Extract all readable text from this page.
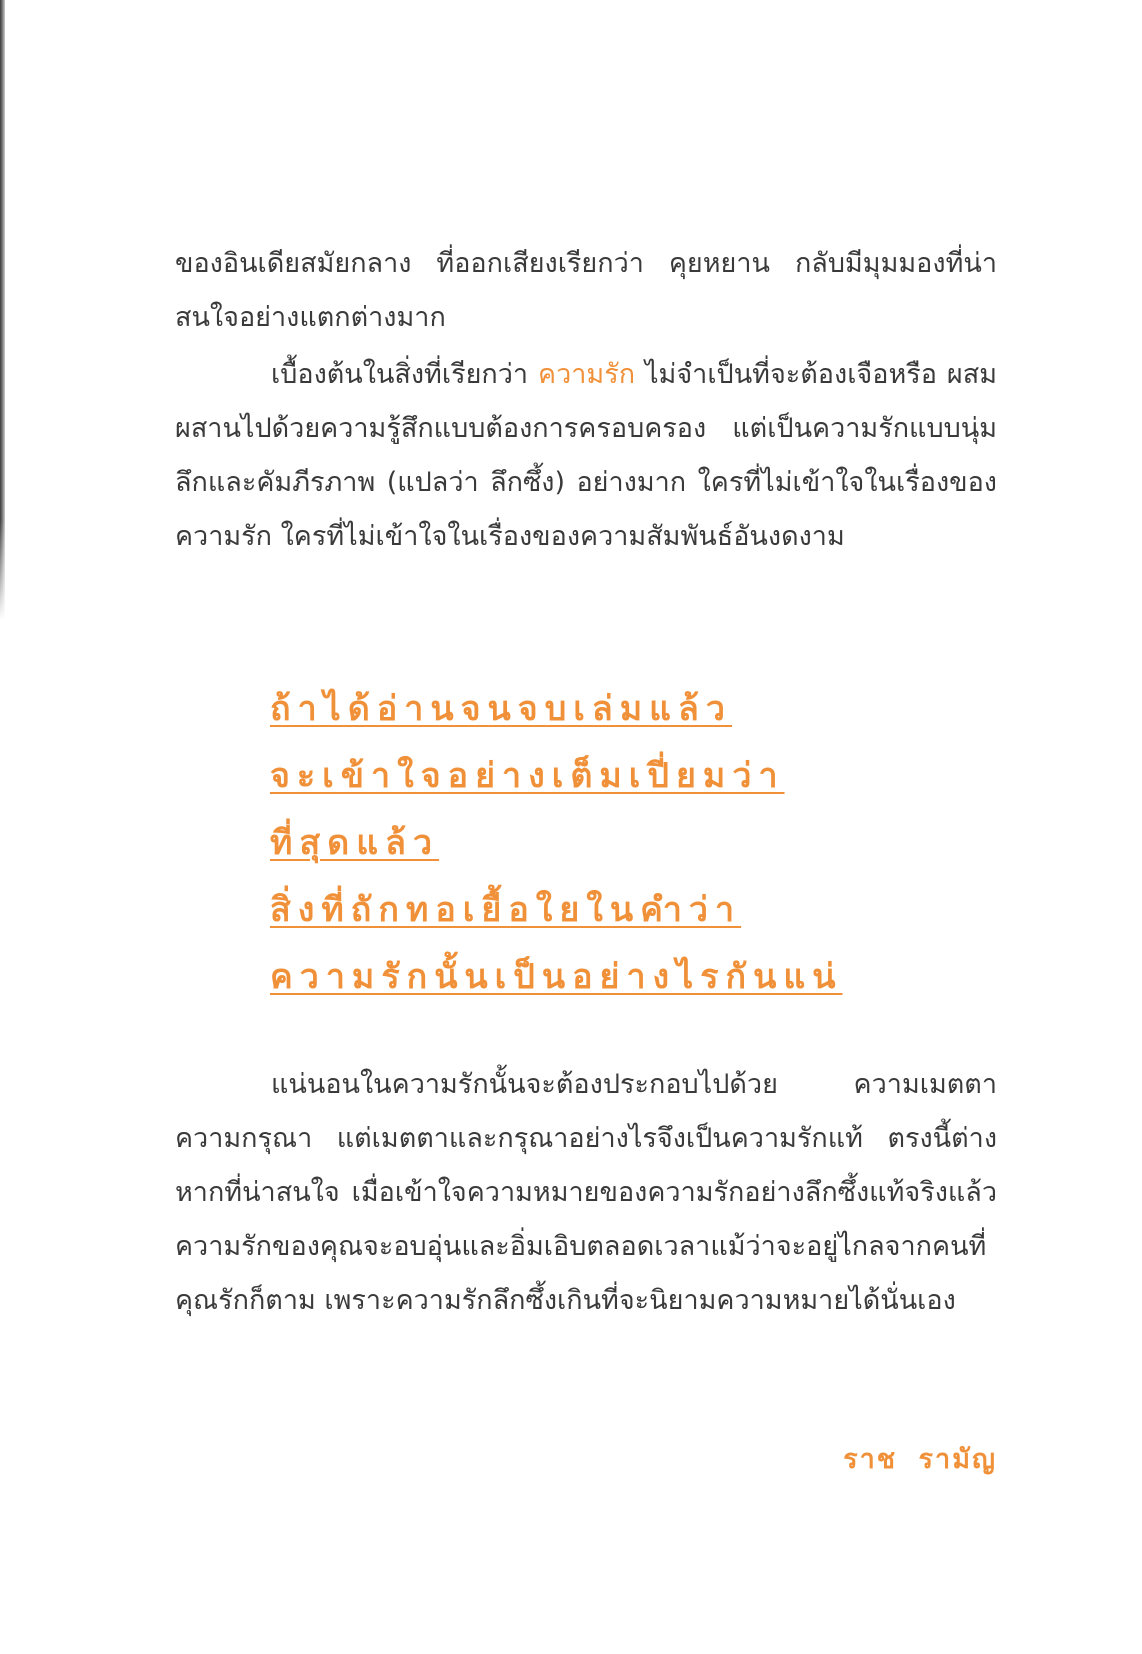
ของอินเดียสมัยกลาง ที่ออกเสียงเรียกว่า คุยหยาน กลับมีมุมมองที่น่าสนใจอย่างแตกต่างมาก

เบื้องต้นในสิ่งที่เรียกว่า ความรัก ไม่จำเป็นที่จะต้องเจือหรือ ผสมผสานไปด้วยความรู้สึกแบบต้องการครอบครอง แต่เป็นความรักแบบนุ่มลึกและคัมภีรภาพ (แปลว่า ลึกซึ้ง) อย่างมาก ใครที่ไม่เข้าใจในเรื่องของความรัก ใครที่ไม่เข้าใจในเรื่องของความสัมพันธ์อันงดงาม

ถ้าได้อ่านจนจบเล่มแล้ว
จะเข้าใจอย่างเต็มเปี่ยมว่า
ที่สุดแล้ว
สิ่งที่ถักทอเยื้อใยในคำว่า
ความรักนั้นเป็นอย่างไรกันแน่

แน่นอนในความรักนั้นจะต้องประกอบไปด้วย ความเมตตา ความกรุณา แต่เมตตาและกรุณาอย่างไรจึงเป็นความรักแท้ ตรงนี้ต่างหากที่น่าสนใจ เมื่อเข้าใจความหมายของความรักอย่างลึกซึ้งแท้จริงแล้ว ความรักของคุณจะอบอุ่นและอิ่มเอิบตลอดเวลาแม้ว่าจะอยู่ไกลจากคนที่คุณรักก็ตาม เพราะความรักลึกซึ้งเกินที่จะนิยามความหมายได้นั่นเอง

ราช รามัญ
